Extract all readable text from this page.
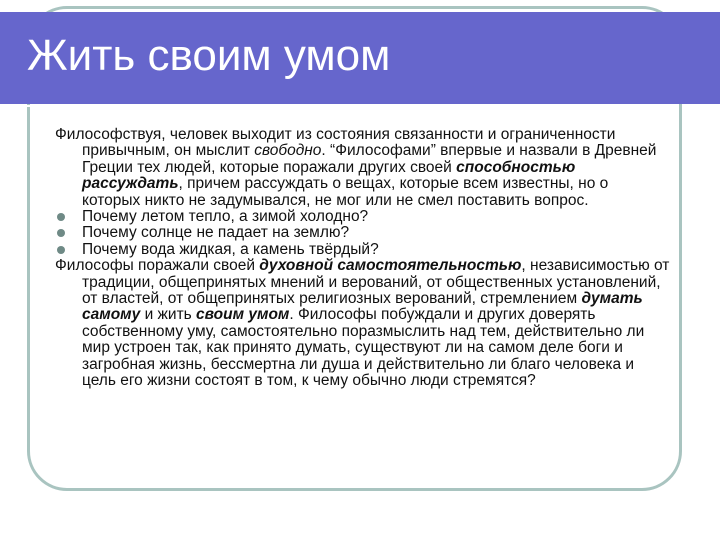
Жить своим умом

Философствуя, человек выходит из состояния связанности и ограниченности привычным, он мыслит свободно. “Философами” впервые и назвали в Древней Греции тех людей, которые поражали других своей способностью рассуждать, причем рассуждать о вещах, которые всем известны, но о которых никто не задумывался, не мог или не смел поставить вопрос.

Почему летом тепло, а зимой холодно?

Почему солнце не падает на землю?

Почему вода жидкая, а камень твёрдый?

Философы поражали своей духовной самостоятельностью, независимостью от традиции, общепринятых мнений и верований, от общественных установлений, от властей, от общепринятых религиозных верований, стремлением думать самому и жить своим умом. Философы побуждали и других доверять собственному уму, самостоятельно поразмыслить над тем, действительно ли мир устроен так, как принято думать, существуют ли на самом деле боги и загробная жизнь, бессмертна ли душа и действительно ли благо человека и цель его жизни состоят в том, к чему обычно люди стремятся?
